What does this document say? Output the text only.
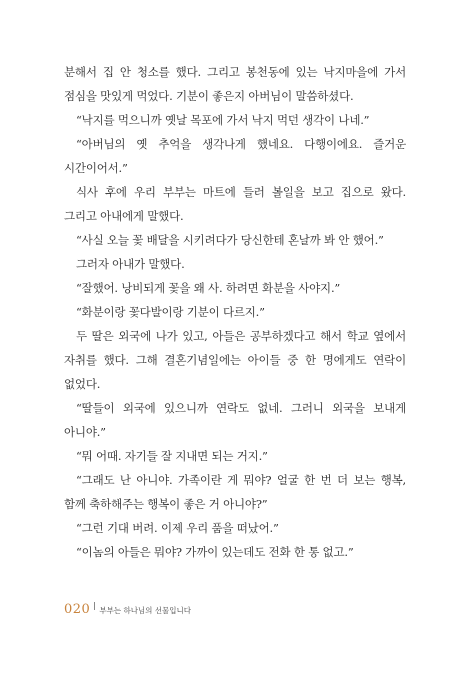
분해서 집 안 청소를 했다. 그리고 봉천동에 있는 낙지마을에 가서 점심을 맛있게 먹었다. 기분이 좋은지 아버님이 말씀하셨다.

“낙지를 먹으니까 옛날 목포에 가서 낙지 먹던 생각이 나네.”

“아버님의 옛 추억을 생각나게 했네요. 다행이에요. 즐거운 시간이어서.”

식사 후에 우리 부부는 마트에 들러 볼일을 보고 집으로 왔다. 그리고 아내에게 말했다.

“사실 오늘 꽃 배달을 시키려다가 당신한테 혼날까 봐 안 했어.”

그러자 아내가 말했다.

“잘했어. 낭비되게 꽃을 왜 사. 하려면 화분을 사야지.”

“화분이랑 꽃다발이랑 기분이 다르지.”

두 딸은 외국에 나가 있고, 아들은 공부하겠다고 해서 학교 옆에서 자취를 했다. 그해 결혼기념일에는 아이들 중 한 명에게도 연락이 없었다.

“딸들이 외국에 있으니까 연락도 없네. 그러니 외국을 보내게 아니야.”

“뭐 어때. 자기들 잘 지내면 되는 거지.”

“그래도 난 아니야. 가족이란 게 뭐야? 얼굴 한 번 더 보는 행복, 함께 축하해주는 행복이 좋은 거 아니야?”

“그런 기대 버려. 이제 우리 품을 떠났어.”

“이놈의 아들은 뭐야? 가까이 있는데도 전화 한 통 없고.”

020 부부는 하나님의 선물입니다
